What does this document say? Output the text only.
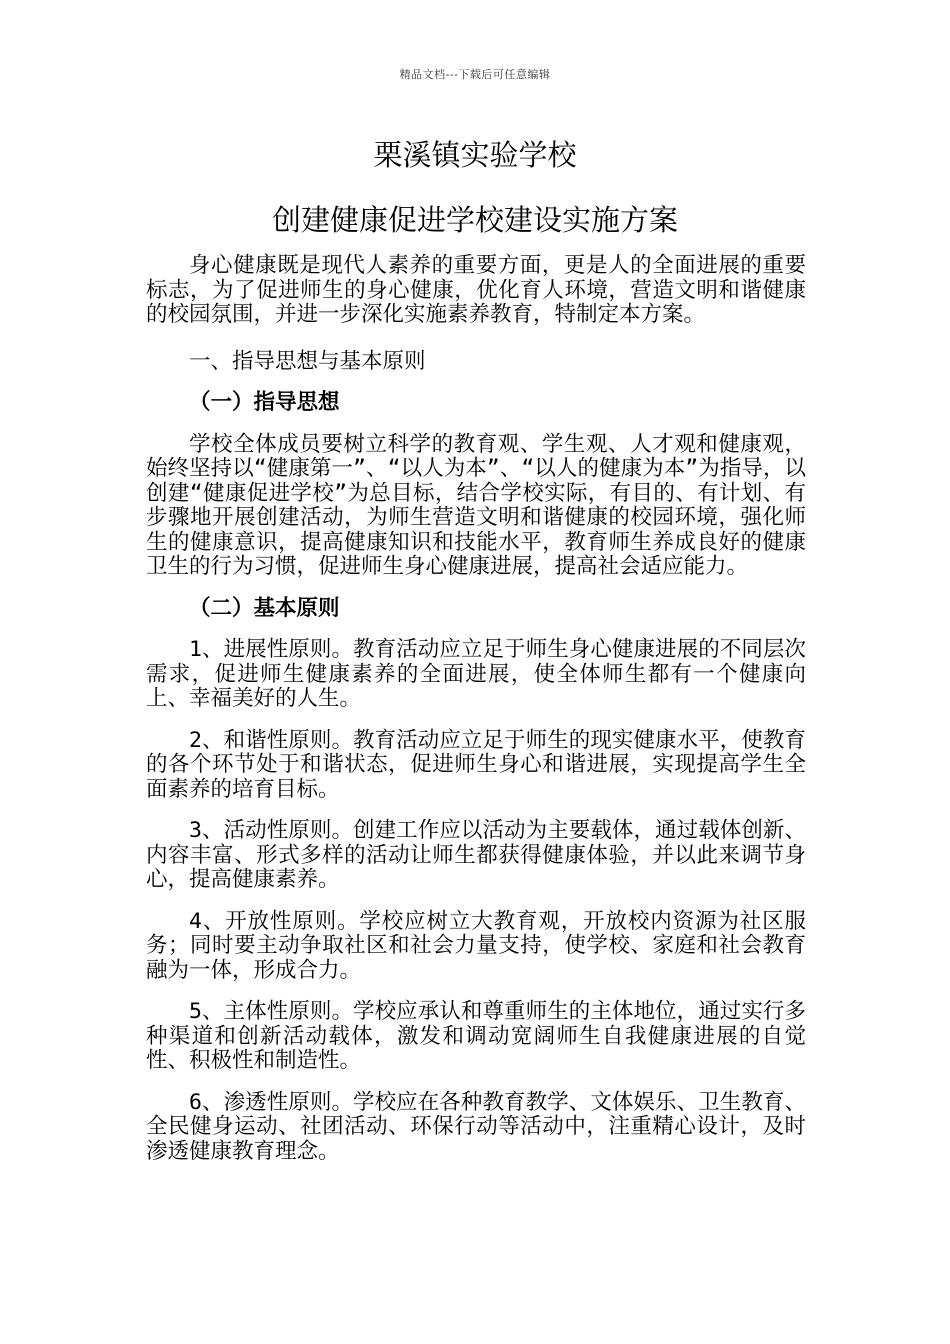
精品文档---下载后可任意编辑
栗溪镇实验学校
创建健康促进学校建设实施方案

身心健康既是现代人素养的重要方面，更是人的全面进展的重要标志，为了促进师生的身心健康，优化育人环境，营造文明和谐健康的校园氛围，并进一步深化实施素养教育，特制定本方案。

一、指导思想与基本原则

（一）指导思想

学校全体成员要树立科学的教育观、学生观、人才观和健康观，始终坚持以“健康第一”、“以人为本”、“以人的健康为本”为指导，以创建“健康促进学校”为总目标，结合学校实际，有目的、有计划、有步骤地开展创建活动，为师生营造文明和谐健康的校园环境，强化师生的健康意识，提高健康知识和技能水平，教育师生养成良好的健康卫生的行为习惯，促进师生身心健康进展，提高社会适应能力。

（二）基本原则

1、进展性原则。教育活动应立足于师生身心健康进展的不同层次需求，促进师生健康素养的全面进展，使全体师生都有一个健康向上、幸福美好的人生。

2、和谐性原则。教育活动应立足于师生的现实健康水平，使教育的各个环节处于和谐状态，促进师生身心和谐进展，实现提高学生全面素养的培育目标。

3、活动性原则。创建工作应以活动为主要载体，通过载体创新、内容丰富、形式多样的活动让师生都获得健康体验，并以此来调节身心，提高健康素养。

4、开放性原则。学校应树立大教育观，开放校内资源为社区服务；同时要主动争取社区和社会力量支持，使学校、家庭和社会教育融为一体，形成合力。

5、主体性原则。学校应承认和尊重师生的主体地位，通过实行多种渠道和创新活动载体，激发和调动宽阔师生自我健康进展的自觉性、积极性和制造性。

6、渗透性原则。学校应在各种教育教学、文体娱乐、卫生教育、全民健身运动、社团活动、环保行动等活动中，注重精心设计，及时渗透健康教育理念。
